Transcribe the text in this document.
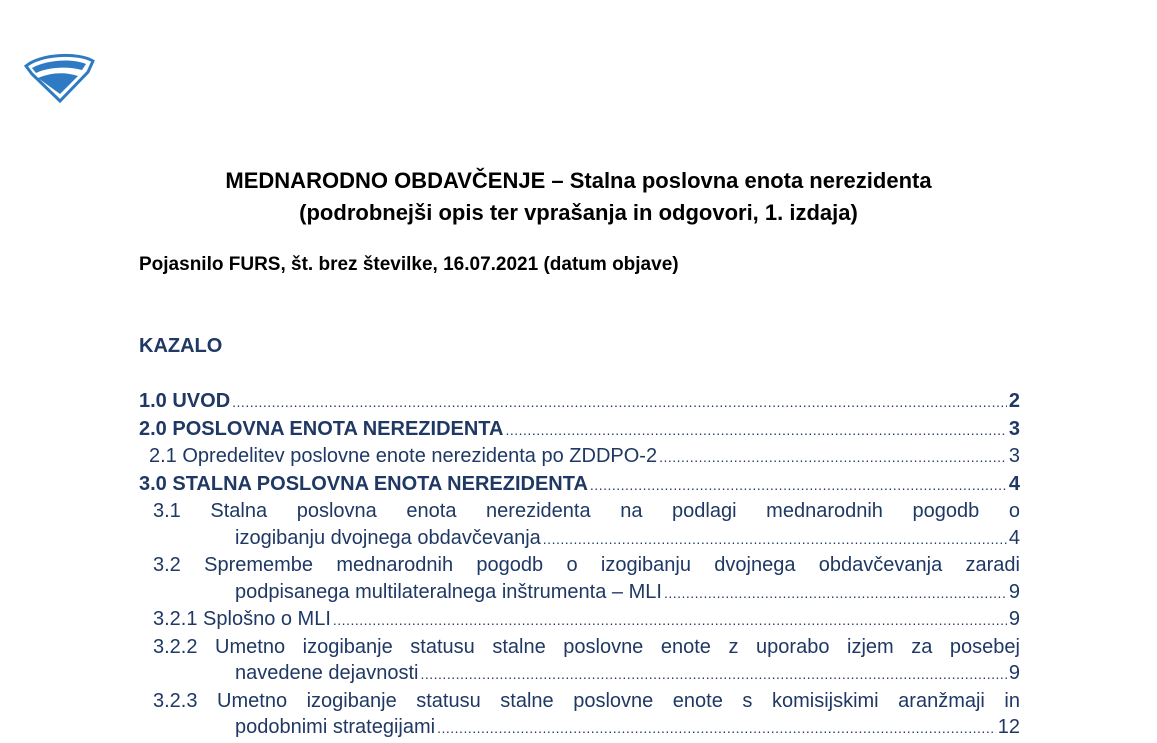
MEDNARODNO OBDAVČENJE – Stalna poslovna enota nerezidenta
(podrobnejši opis ter vprašanja in odgovori, 1. izdaja)
Pojasnilo FURS, št. brez številke, 16.07.2021 (datum objave)
KAZALO
1.0 UVOD .....	2
2.0 POSLOVNA ENOTA NEREZIDENTA .....	3
2.1 Opredelitev poslovne enote nerezidenta po ZDDPO-2 .....	3
3.0 STALNA POSLOVNA ENOTA NEREZIDENTA .....	4
3.1 Stalna poslovna enota nerezidenta na podlagi mednarodnih pogodb o
izogibanju dvojnega obdavčevanja .....	4
3.2 Spremembe mednarodnih pogodb o izogibanju dvojnega obdavčevanja zaradi
podpisanega multilateralnega inštrumenta – MLI .....	9
3.2.1 Splošno o MLI .....	9
3.2.2 Umetno izogibanje statusu stalne poslovne enote z uporabo izjem za posebej
navedene dejavnosti .....	9
3.2.3 Umetno izogibanje statusu stalne poslovne enote s komisijskimi aranžmaji in
podobnimi strategijami .....	12
